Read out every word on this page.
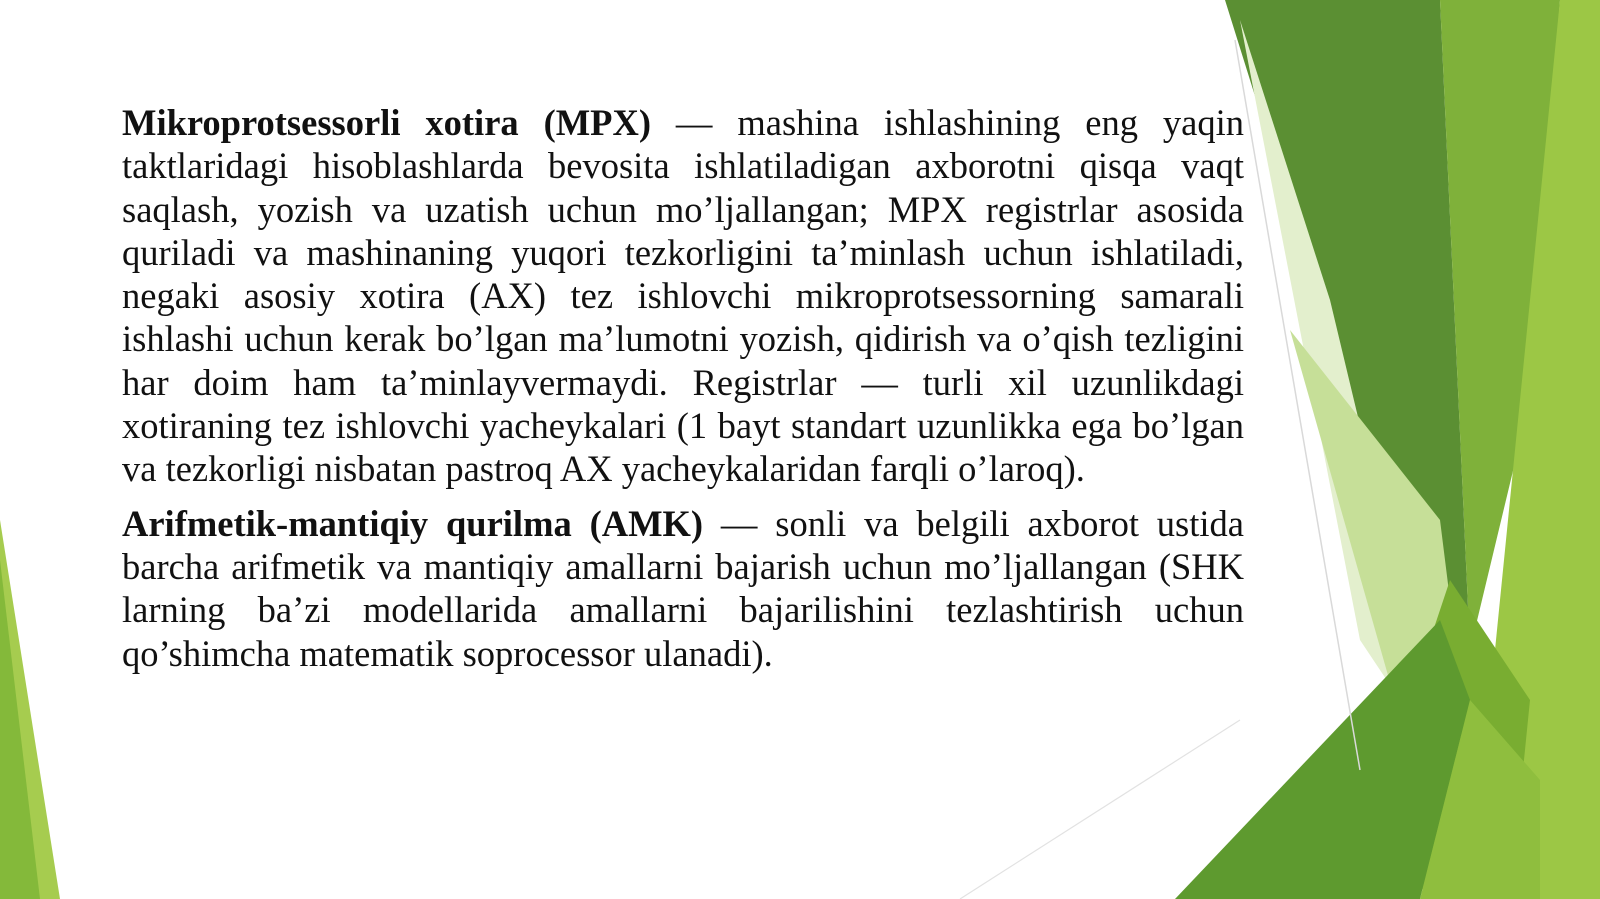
Mikroprotsessorli xotira (MPX) — mashina ishlashining eng yaqin taktlaridagi hisoblashlarda bevosita ishlatiladigan axborotni qisqa vaqt saqlash, yozish va uzatish uchun mo’ljallangan; MPX registrlar asosida quriladi va mashinaning yuqori tezkorligini ta’minlash uchun ishlatiladi, negaki asosiy xotira (AX) tez ishlovchi mikroprotsessorning samarali ishlashi uchun kerak bo’lgan ma’lumotni yozish, qidirish va o’qish tezligini har doim ham ta’minlayvermaydi. Registrlar — turli xil uzunlikdagi xotiraning tez ishlovchi yacheykalari (1 bayt standart uzunlikka ega bo’lgan va tezkorligi nisbatan pastroq AX yacheykalaridan farqli o’laroq).

Arifmetik-mantiqiy qurilma (AMK) — sonli va belgili axborot ustida barcha arifmetik va mantiqiy amallarni bajarish uchun mo’ljallangan (SHK larning ba’zi modellarida amallarni bajarilishini tezlashtirish uchun qo’shimcha matematik soprocessor ulanadi).
